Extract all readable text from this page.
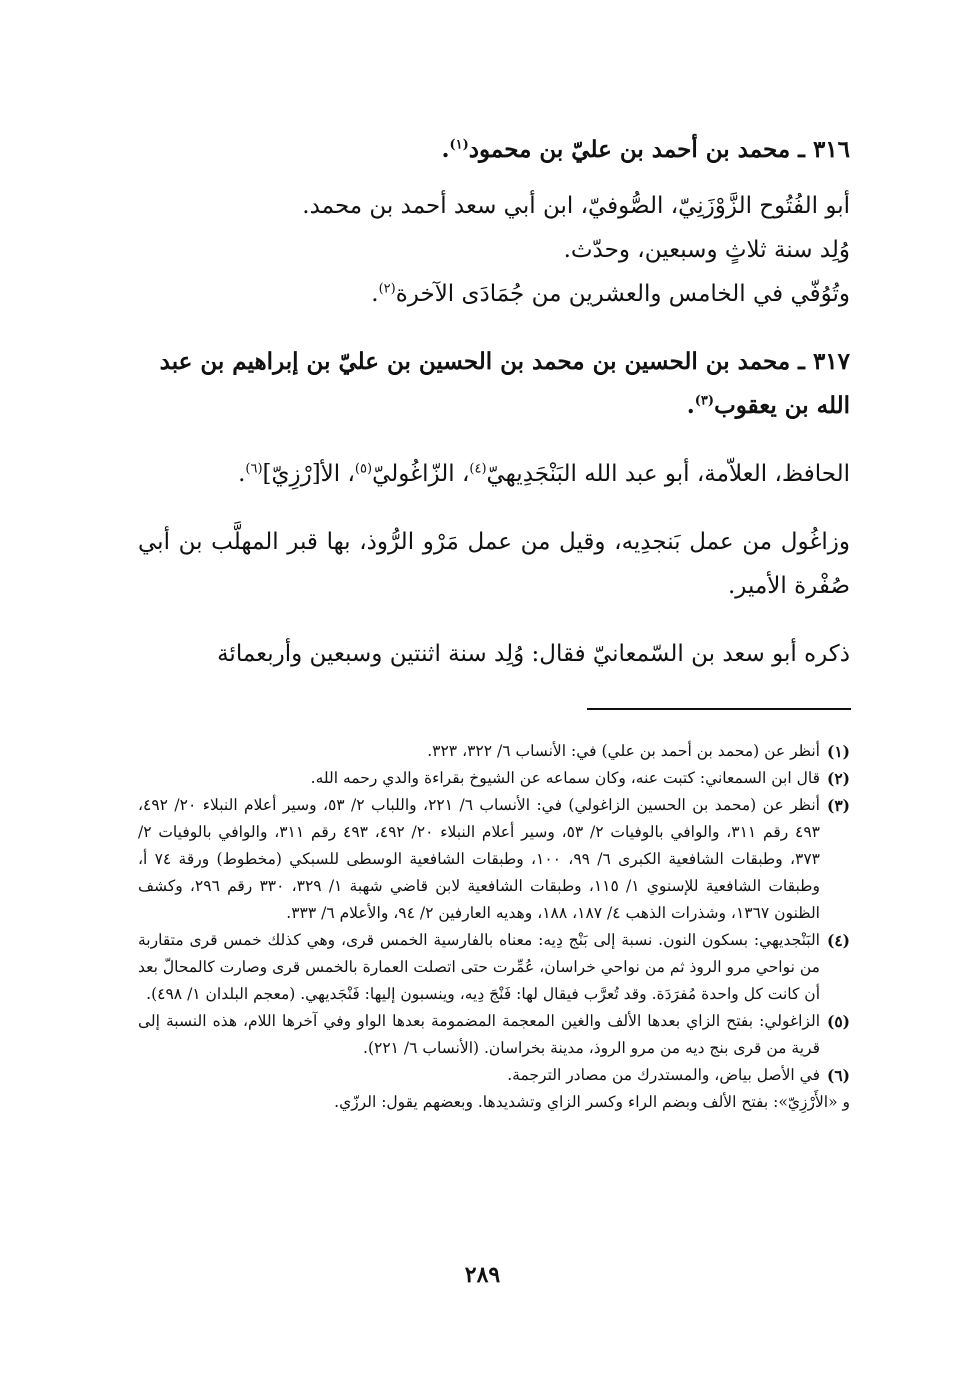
٣١٦ ـ محمد بن أحمد بن عليّ بن محمود$^{(١)}$.

أبو الفُتُوح الزَّوْزَنِيّ، الصُّوفيّ، ابن أبي سعد أحمد بن محمد.

وُلِد سنة ثلاثٍ وسبعين، وحدّث.

وتُوُفّي في الخامس والعشرين من جُمَادَى الآخرة$^{(٢)}$.

٣١٧ ـ محمد بن الحسين بن محمد بن الحسين بن عليّ بن إبراهيم بن عبد الله بن يعقوب$^{(٣)}$.

الحافظ، العلاّمة، أبو عبد الله البَنْجَدِيهيّ$^{(٤)}$، الزّاغُوليّ$^{(٥)}$، الأ[رْزِيّ]$^{(٦)}$.

وزاغُول من عمل بَنجدِيه، وقيل من عمل مَرْو الرُّوذ، بها قبر المهلَّب بن أبي صُفْرة الأمير.

ذكره أبو سعد بن السّمعانيّ فقال: وُلِد سنة اثنتين وسبعين وأربعمائة

(١)
أنظر عن (محمد بن أحمد بن علي) في: الأنساب ٦/ ٣٢٢، ٣٢٣.

(٢)
قال ابن السمعاني: كتبت عنه، وكان سماعه عن الشيوخ بقراءة والدي رحمه الله.

(٣)
أنظر عن (محمد بن الحسين الزاغولي) في: الأنساب ٦/ ٢٢١، واللباب ٢/ ٥٣، وسير أعلام النبلاء ٢٠/ ٤٩٢، ٤٩٣ رقم ٣١١، والوافي بالوفيات ٢/ ٥٣، وسير أعلام النبلاء ٢٠/ ٤٩٢، ٤٩٣ رقم ٣١١، والوافي بالوفيات ٢/ ٣٧٣، وطبقات الشافعية الكبرى ٦/ ٩٩، ١٠٠، وطبقات الشافعية الوسطى للسبكي (مخطوط) ورقة ٧٤ أ، وطبقات الشافعية للإسنوي ١/ ١١٥، وطبقات الشافعية لابن قاضي شهبة ١/ ٣٢٩، ٣٣٠ رقم ٢٩٦، وكشف الظنون ١٣٦٧، وشذرات الذهب ٤/ ١٨٧، ١٨٨، وهديه العارفين ٢/ ٩٤، والأعلام ٦/ ٣٣٣.

(٤)
البَنْجديهي: بسكون النون. نسبة إلى بَنْج دِيه: معناه بالفارسية الخمس قرى، وهي كذلك خمس قرى متقاربة من نواحي مرو الروذ ثم من نواحي خراسان، عُمِّرت حتى اتصلت العمارة بالخمس قرى وصارت كالمحالّ بعد أن كانت كل واحدة مُفرَدَة. وقد تُعرَّب فيقال لها: فَنْجَ دِيه، وينسبون إليها: فَنْجَديهي. (معجم البلدان ١/ ٤٩٨).

(٥)
الزاغولي: بفتح الزاي بعدها الألف والغين المعجمة المضمومة بعدها الواو وفي آخرها اللام، هذه النسبة إلى قرية من قرى بنج ديه من مرو الروذ، مدينة بخراسان. (الأنساب ٦/ ٢٢١).

(٦)
في الأصل بياض، والمستدرك من مصادر الترجمة.

و «الأَرْزِيّ»: بفتح الألف وبضم الراء وكسر الزاي وتشديدها. وبعضهم يقول: الرزّي.

٢٨٩
